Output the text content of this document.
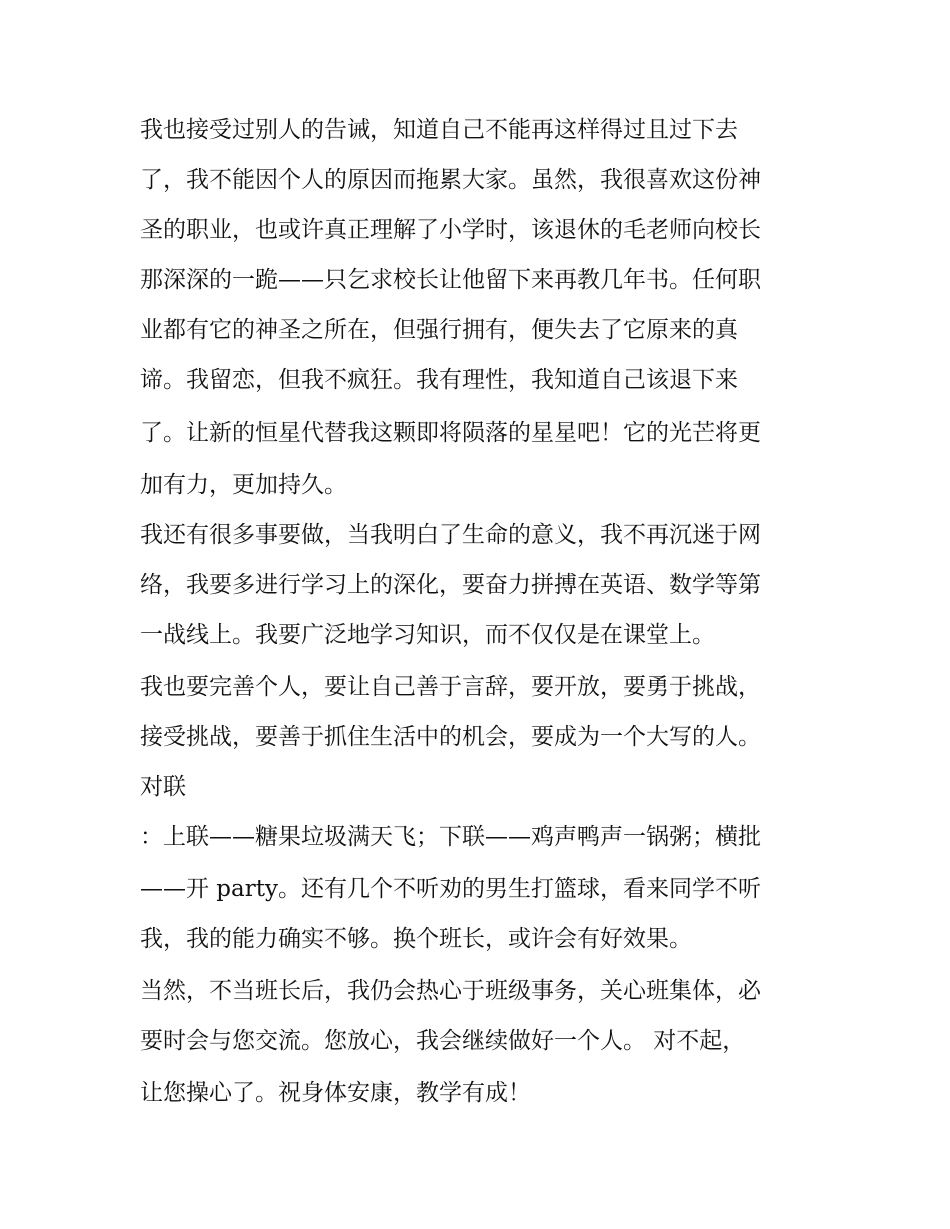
我也接受过别人的告诫，知道自己不能再这样得过且过下去

了，我不能因个人的原因而拖累大家。虽然，我很喜欢这份神

圣的职业，也或许真正理解了小学时，该退休的毛老师向校长

那深深的一跪——只乞求校长让他留下来再教几年书。任何职

业都有它的神圣之所在，但强行拥有，便失去了它原来的真

谛。我留恋，但我不疯狂。我有理性，我知道自己该退下来

了。让新的恒星代替我这颗即将陨落的星星吧！它的光芒将更

加有力，更加持久。

我还有很多事要做，当我明白了生命的意义，我不再沉迷于网

络，我要多进行学习上的深化，要奋力拼搏在英语、数学等第

一战线上。我要广泛地学习知识，而不仅仅是在课堂上。

我也要完善个人，要让自己善于言辞，要开放，要勇于挑战，

接受挑战，要善于抓住生活中的机会，要成为一个大写的人。

对联

：上联——糖果垃圾满天飞；下联——鸡声鸭声一锅粥；横批

——开 party。还有几个不听劝的男生打篮球，看来同学不听

我，我的能力确实不够。换个班长，或许会有好效果。

当然，不当班长后，我仍会热心于班级事务，关心班集体，必

要时会与您交流。您放心，我会继续做好一个人。 对不起，

让您操心了。祝身体安康，教学有成！
